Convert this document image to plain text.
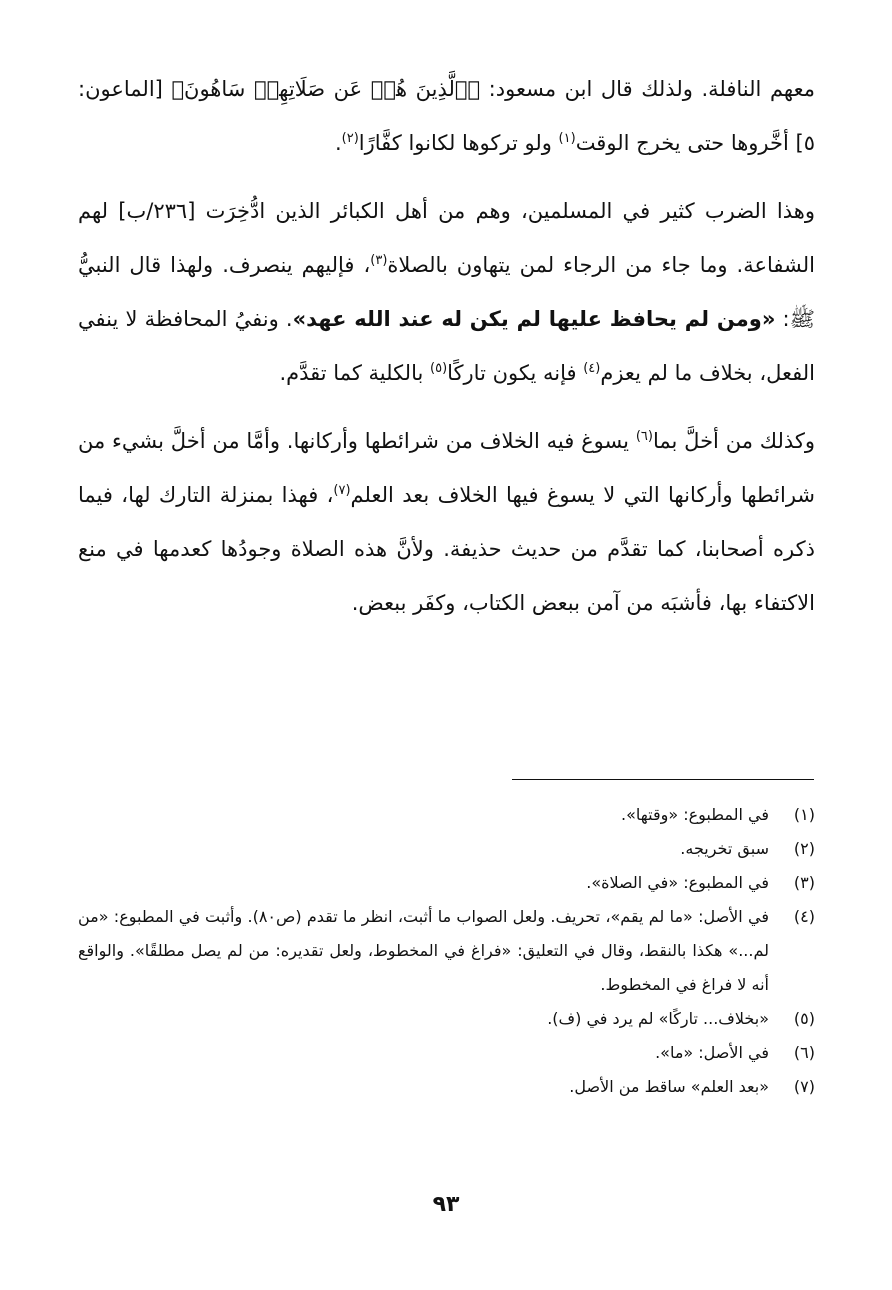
معهم النافلة. ولذلك قال ابن مسعود: ﴿ٱلَّذِينَ هُمۡ عَن صَلَاتِهِمۡ سَاهُونَ﴾ [الماعون: ٥] أخَّروها حتى يخرج الوقت$^{(١)}$ ولو تركوها لكانوا كفَّارًا$^{(٢)}$.

وهذا الضرب كثير في المسلمين، وهم من أهل الكبائر الذين ادُّخِرَت [٢٣٦/ب] لهم الشفاعة. وما جاء من الرجاء لمن يتهاون بالصلاة$^{(٣)}$، فإليهم ينصرف. ولهذا قال النبيُّ ﷺ: «ومن لم يحافظ عليها لم يكن له عند الله عهد». ونفيُ المحافظة لا ينفي الفعل، بخلاف ما لم يعزم$^{(٤)}$ فإنه يكون تاركًا$^{(٥)}$ بالكلية كما تقدَّم.

وكذلك من أخلَّ بما$^{(٦)}$ يسوغ فيه الخلاف من شرائطها وأركانها. وأمَّا من أخلَّ بشيء من شرائطها وأركانها التي لا يسوغ فيها الخلاف بعد العلم$^{(٧)}$، فهذا بمنزلة التارك لها، فيما ذكره أصحابنا، كما تقدَّم من حديث حذيفة. ولأنَّ هذه الصلاة وجودُها كعدمها في منع الاكتفاء بها، فأشبَه من آمن ببعض الكتاب، وكفَر ببعض.

(١)
في المطبوع: «وقتها».
(٢)
سبق تخريجه.
(٣)
في المطبوع: «في الصلاة».
(٤)
في الأصل: «ما لم يقم»، تحريف. ولعل الصواب ما أثبت، انظر ما تقدم (ص٨٠). وأثبت في المطبوع: «من لم...» هكذا بالنقط، وقال في التعليق: «فراغ في المخطوط، ولعل تقديره: من لم يصل مطلقًا». والواقع أنه لا فراغ في المخطوط.
(٥)
«بخلاف... تاركًا» لم يرد في (ف).
(٦)
في الأصل: «ما».
(٧)
«بعد العلم» ساقط من الأصل.
٩٣
